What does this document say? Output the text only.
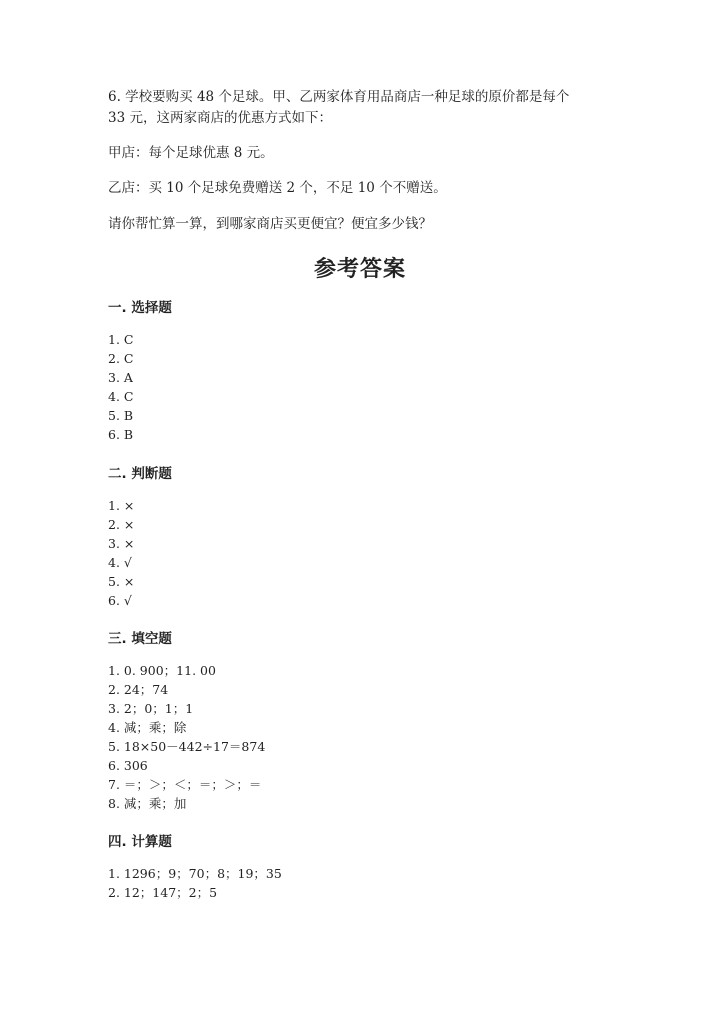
6. 学校要购买 48 个足球。甲、乙两家体育用品商店一种足球的原价都是每个
33 元，这两家商店的优惠方式如下：
甲店：每个足球优惠 8 元。
乙店：买 10 个足球免费赠送 2 个，不足 10 个不赠送。
请你帮忙算一算，到哪家商店买更便宜？便宜多少钱？
参考答案
一. 选择题
1. C
2. C
3. A
4. C
5. B
6. B
二. 判断题
1. ×
2. ×
3. ×
4. √
5. ×
6. √
三. 填空题
1. 0. 900；11. 00
2. 24；74
3. 2；0；1；1
4. 减；乘；除
5. 18×50－442÷17＝874
6. 306
7. ＝；＞；＜；＝；＞；＝
8. 减；乘；加
四. 计算题
1. 1296；9；70；8；19；35
2. 12；147；2；5
